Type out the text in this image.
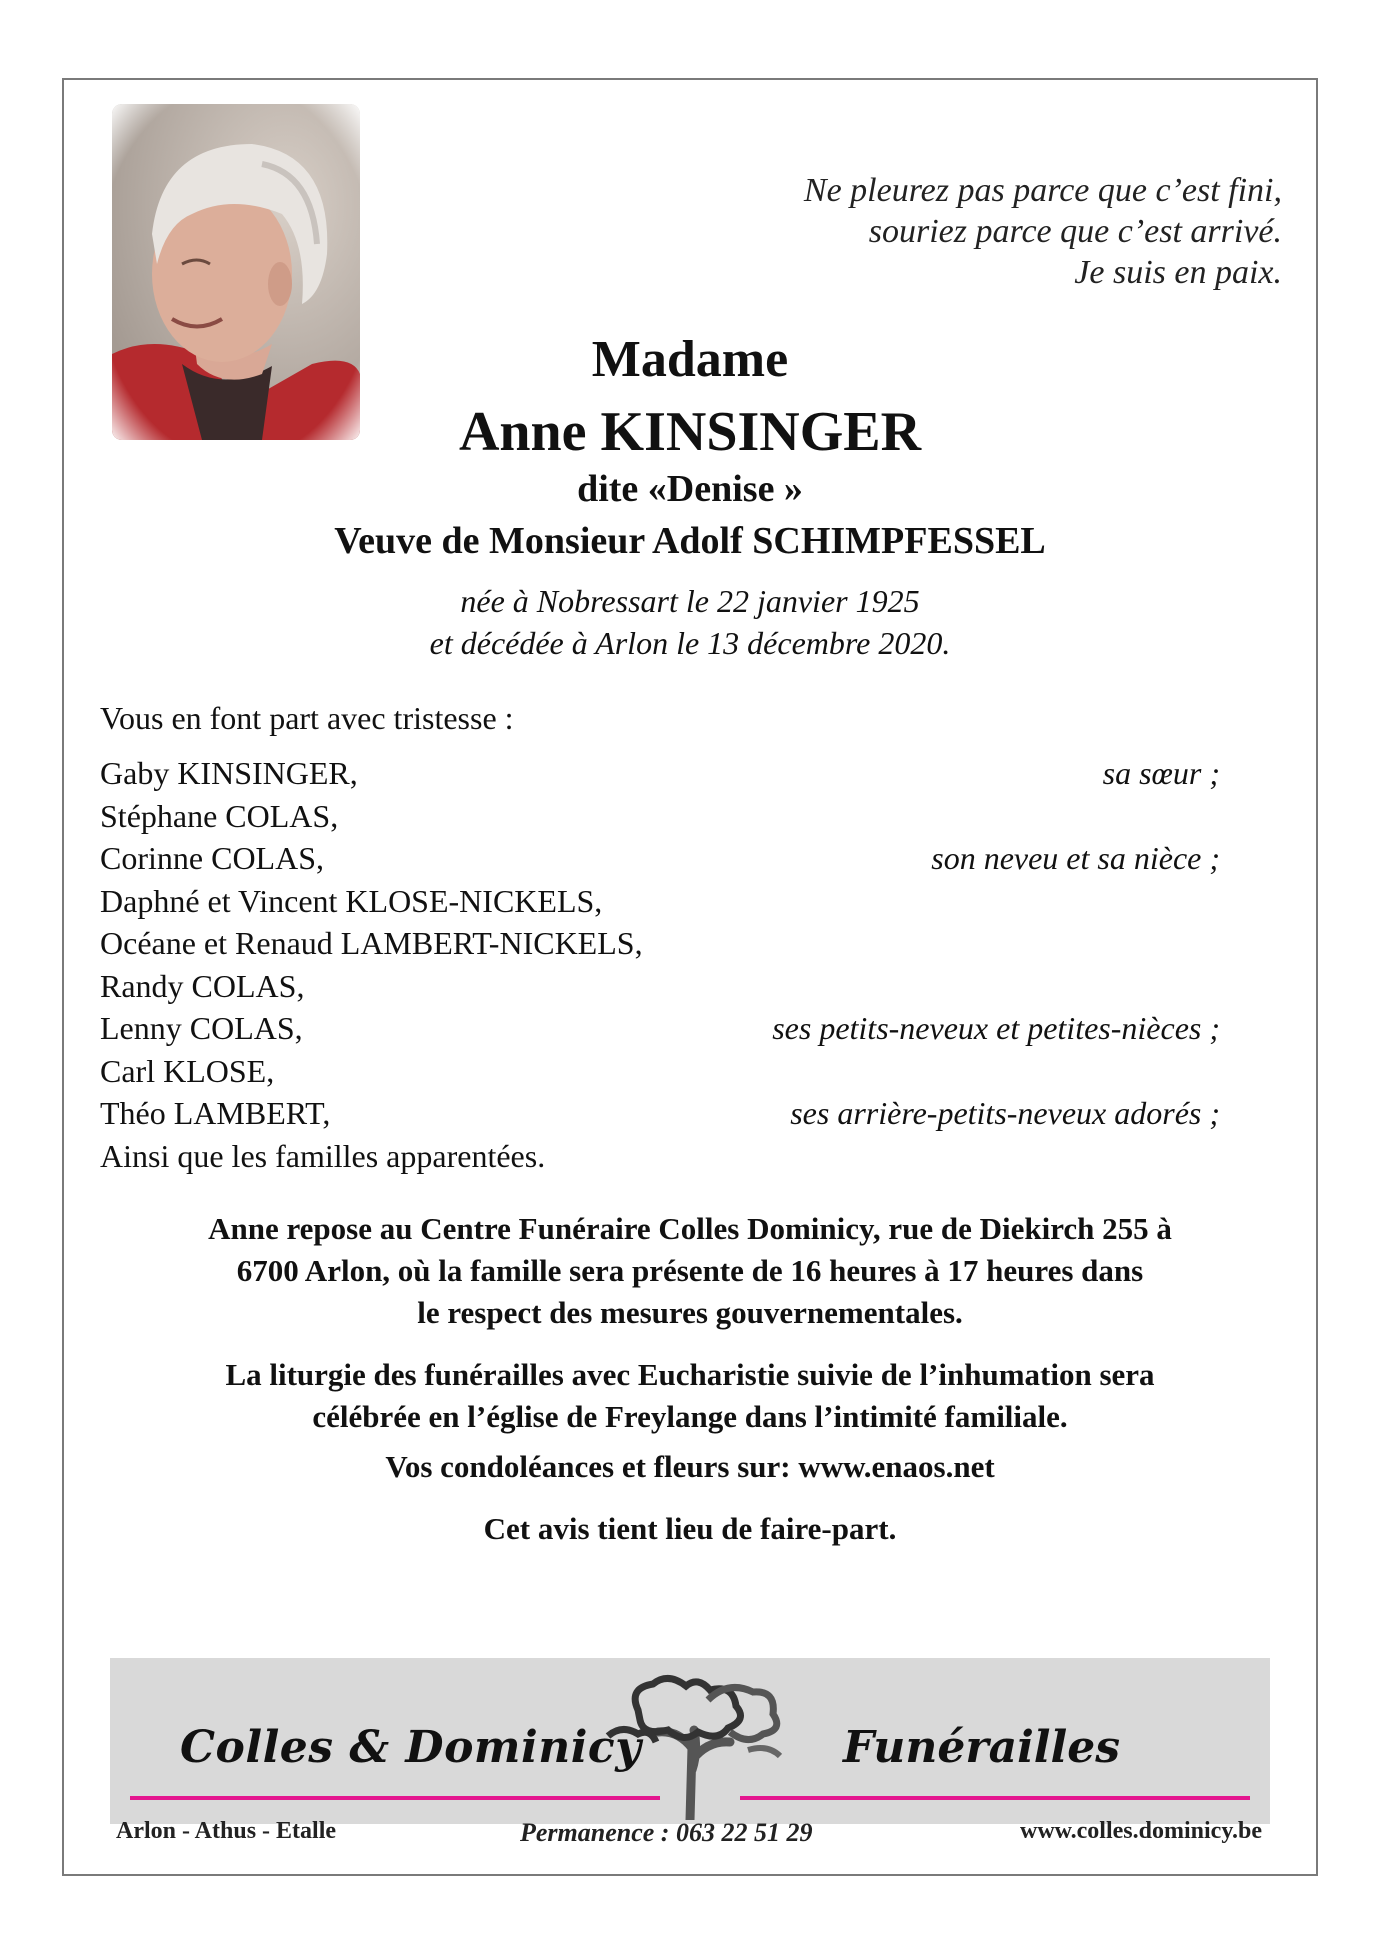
Ne pleurez pas parce que c’est fini,
souriez parce que c’est arrivé.
Je suis en paix.
Madame
Anne KINSINGER
dite «Denise »
Veuve de Monsieur Adolf SCHIMPFESSEL
née à Nobressart le 22 janvier 1925
et décédée à Arlon le 13 décembre 2020.
Vous en font part avec tristesse :
Gaby KINSINGER,	sa sœur ;
Stéphane COLAS,
Corinne COLAS,	son neveu et sa nièce ;
Daphné et Vincent KLOSE-NICKELS,
Océane et Renaud LAMBERT-NICKELS,
Randy COLAS,
Lenny COLAS,	ses petits-neveux et petites-nièces ;
Carl KLOSE,
Théo LAMBERT,	ses arrière-petits-neveux adorés ;
Ainsi que les familles apparentées.
Anne repose au Centre Funéraire Colles Dominicy, rue de Diekirch 255 à
6700 Arlon, où la famille sera présente de 16 heures à 17 heures dans
le respect des mesures gouvernementales.
La liturgie des funérailles avec Eucharistie suivie de l’inhumation sera
célébrée en l’église de Freylange dans l’intimité familiale.
Vos condoléances et fleurs sur: www.enaos.net
Cet avis tient lieu de faire-part.
Colles & Dominicy	Funérailles
Arlon - Athus - Etalle	Permanence : 063 22 51 29	www.colles.dominicy.be
